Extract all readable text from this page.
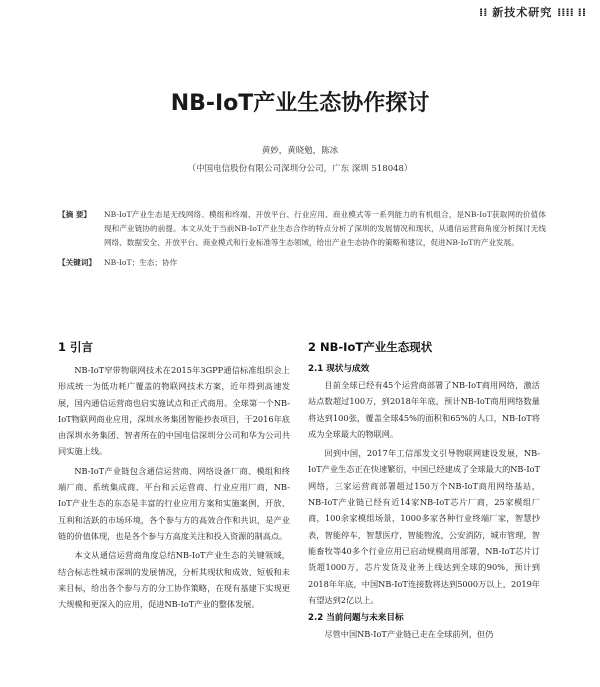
⁞⁞ 新技术研究 ⁞⁞⁞⁞ ⁞⁞
NB-IoT产业生态协作探讨
黄妙，黄晓勉，陈冰
（中国电信股份有限公司深圳分公司，广东 深圳 518048）
【摘 要】	NB-IoT产业生态是无线网络、模组和终端、开放平台、行业应用、商业模式等一系列能力的有机组合，是NB-IoT获取网的价值体现和产业链协的前提。本文从处于当前NB-IoT产业生态合作的特点分析了深圳的发展情况和现状，从通信运营商角度分析探讨无线网络、数据安全、开放平台、商业模式和行业标准等生态领域，给出产业生态协作的策略和建议，促进NB-IoT的产业发展。
【关键词】	NB-IoT；生态；协作
1 引言

NB-IoT窄带物联网技术在2015年3GPP通信标准组织会上形成统一为低功耗广覆盖的物联网技术方案，近年得到高速发展，国内通信运营商也启实施试点和正式商用。全球第一个NB-IoT物联网商业应用，深圳水务集团智能抄表项目，于2016年底由深圳水务集团、智者所在的中国电信深圳分公司和华为公司共同实施上线。

NB-IoT产业链包含通信运营商、网络设备厂商、模组和终端厂商、系统集成商、平台和云运营商、行业应用厂商，NB-IoT产业生态的东态是丰富的行业应用方案和实施案例，开放、互利和活跃的市场环境，各个参与方的高效合作和共识，是产业链的价值体现，也是各个参与方高度关注和投入资源的制高点。

本文从通信运营商角度总结NB-IoT产业生态的关键领域，结合标志性城市深圳的发展情况，分析其现状和成效、短板和未来目标，给出各个参与方的分工协作策略，在现有基建下实现更大规模和更深入的应用，促进NB-IoT产业的整体发展。

2 NB-IoT产业生态现状
2.1 现状与成效

目前全球已经有45个运营商部署了NB-IoT商用网络，激活站点数超过100万，到2018年年底，预计NB-IoT商用网络数量将达到100张，覆盖全球45%的面积和65%的人口，NB-IoT将成为全球最大的物联网。

回到中国，2017年工信部发文引导物联网建设发展，NB-IoT产业生态正在快速繁衍，中国已经建成了全球最大的NB-IoT网络，三家运营商部署超过150万个NB-IoT商用网络基站，NB-IoT产业链已经有近14家NB-IoT芯片厂商，25家模组厂商，100余家模组场景，1000多家各种行业终端厂家，智慧抄表，智能停车，智慧医疗，智能物流，公安消防，城市管理，智能畜牧等40多个行业应用已启动规模商用部署，NB-IoT芯片订货超1000万，芯片发货及业务上线达到全球的90%，预计到2018年年底，中国NB-IoT连接数将达到5000万以上，2019年有望达到2亿以上。

2.2 当前问题与未来目标

尽管中国NB-IoT产业链已走在全球前列，但仍
